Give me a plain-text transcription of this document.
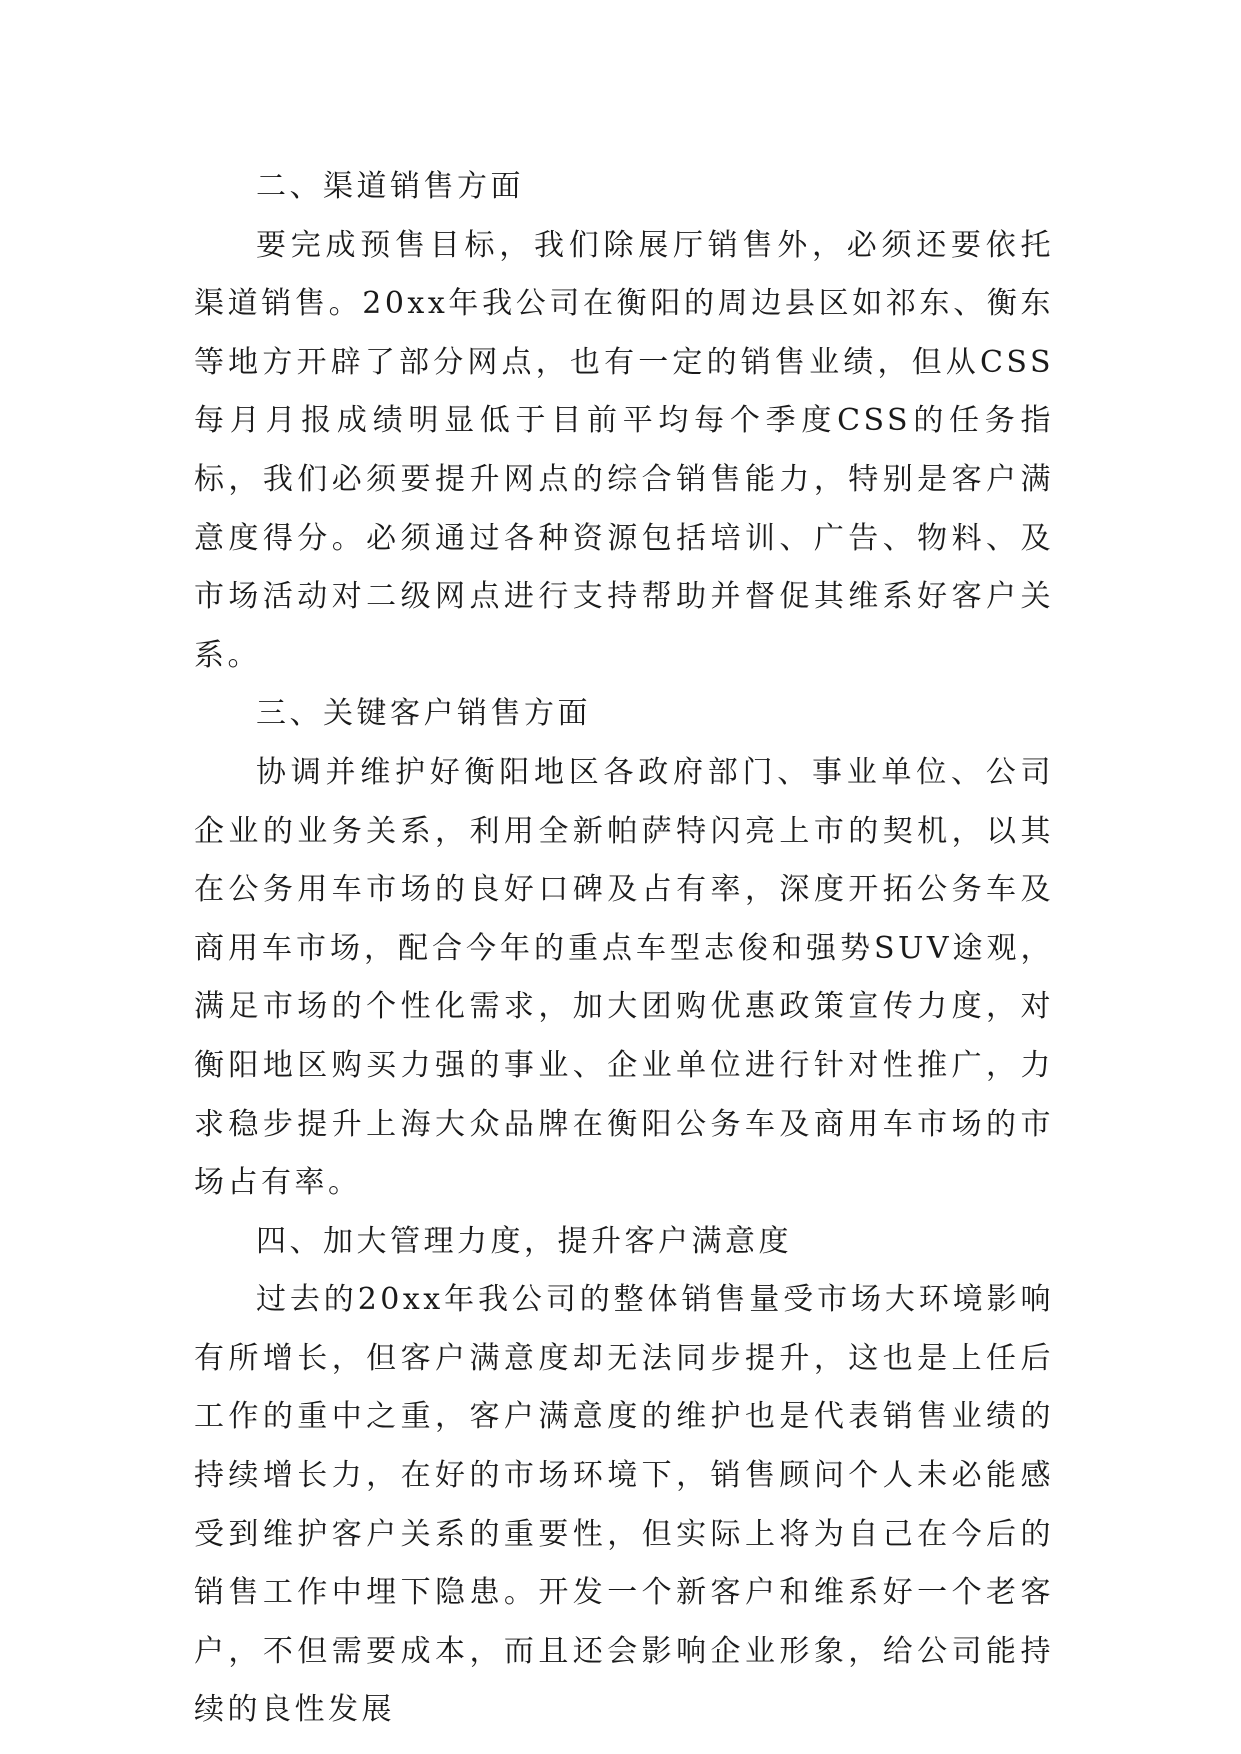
二、渠道销售方面

要完成预售目标，我们除展厅销售外，必须还要依托渠道销售。20xx年我公司在衡阳的周边县区如祁东、衡东等地方开辟了部分网点，也有一定的销售业绩，但从CSS每月月报成绩明显低于目前平均每个季度CSS的任务指标，我们必须要提升网点的综合销售能力，特别是客户满意度得分。必须通过各种资源包括培训、广告、物料、及市场活动对二级网点进行支持帮助并督促其维系好客户关系。

三、关键客户销售方面

协调并维护好衡阳地区各政府部门、事业单位、公司企业的业务关系，利用全新帕萨特闪亮上市的契机，以其在公务用车市场的良好口碑及占有率，深度开拓公务车及商用车市场，配合今年的重点车型志俊和强势SUV途观，满足市场的个性化需求，加大团购优惠政策宣传力度，对衡阳地区购买力强的事业、企业单位进行针对性推广，力求稳步提升上海大众品牌在衡阳公务车及商用车市场的市场占有率。

四、加大管理力度，提升客户满意度

过去的20xx年我公司的整体销售量受市场大环境影响有所增长，但客户满意度却无法同步提升，这也是上任后工作的重中之重，客户满意度的维护也是代表销售业绩的持续增长力，在好的市场环境下，销售顾问个人未必能感受到维护客户关系的重要性，但实际上将为自己在今后的销售工作中埋下隐患。开发一个新客户和维系好一个老客户，不但需要成本，而且还会影响企业形象，给公司能持续的良性发展
